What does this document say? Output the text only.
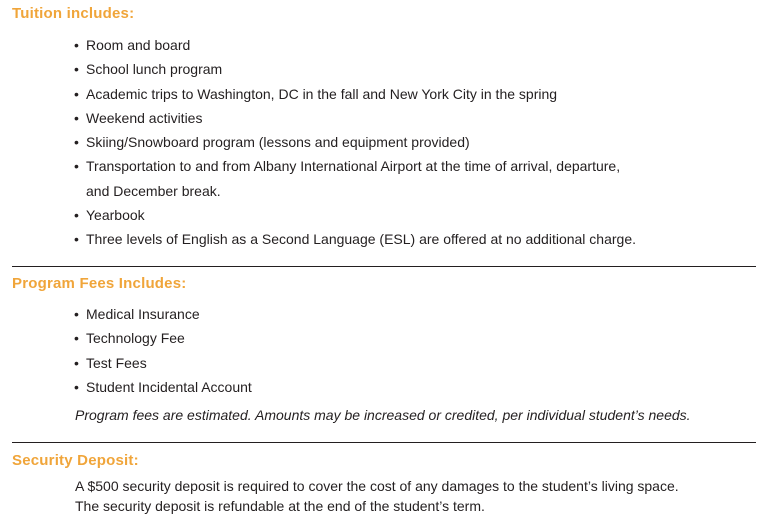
Tuition includes:
• Room and board
• School lunch program
• Academic trips to Washington, DC in the fall and New York City in the spring
• Weekend activities
• Skiing/Snowboard program (lessons and equipment provided)
• Transportation to and from Albany International Airport at the time of arrival, departure,
and December break.
• Yearbook
• Three levels of English as a Second Language (ESL) are offered at no additional charge.
Program Fees Includes:
• Medical Insurance
• Technology Fee
• Test Fees
• Student Incidental Account
Program fees are estimated. Amounts may be increased or credited, per individual student’s needs.
Security Deposit:
A $500 security deposit is required to cover the cost of any damages to the student’s living space.
The security deposit is refundable at the end of the student’s term.
